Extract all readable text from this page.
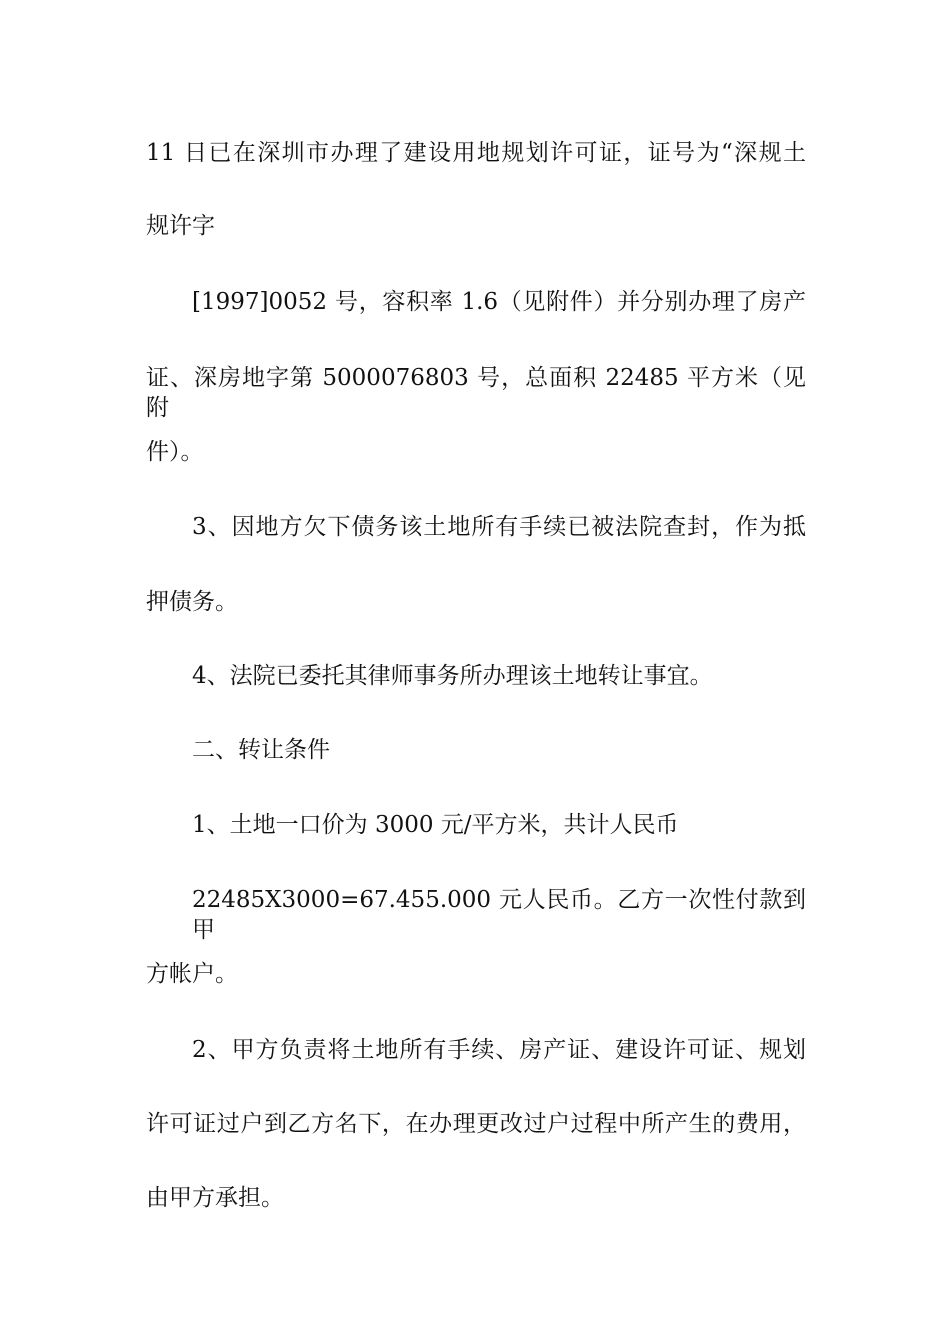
11 日已在深圳市办理了建设用地规划许可证，证号为“深规土
规许字
[1997]0052 号，容积率 1.6（见附件）并分别办理了房产
证、深房地字第 5000076803 号，总面积 22485 平方米（见附
件）。
3、因地方欠下债务该土地所有手续已被法院查封，作为抵
押债务。
4、法院已委托其律师事务所办理该土地转让事宜。
二、转让条件
1、土地一口价为 3000 元/平方米，共计人民币
22485X3000=67.455.000 元人民币。乙方一次性付款到甲
方帐户。
2、甲方负责将土地所有手续、房产证、建设许可证、规划
许可证过户到乙方名下，在办理更改过户过程中所产生的费用，
由甲方承担。
